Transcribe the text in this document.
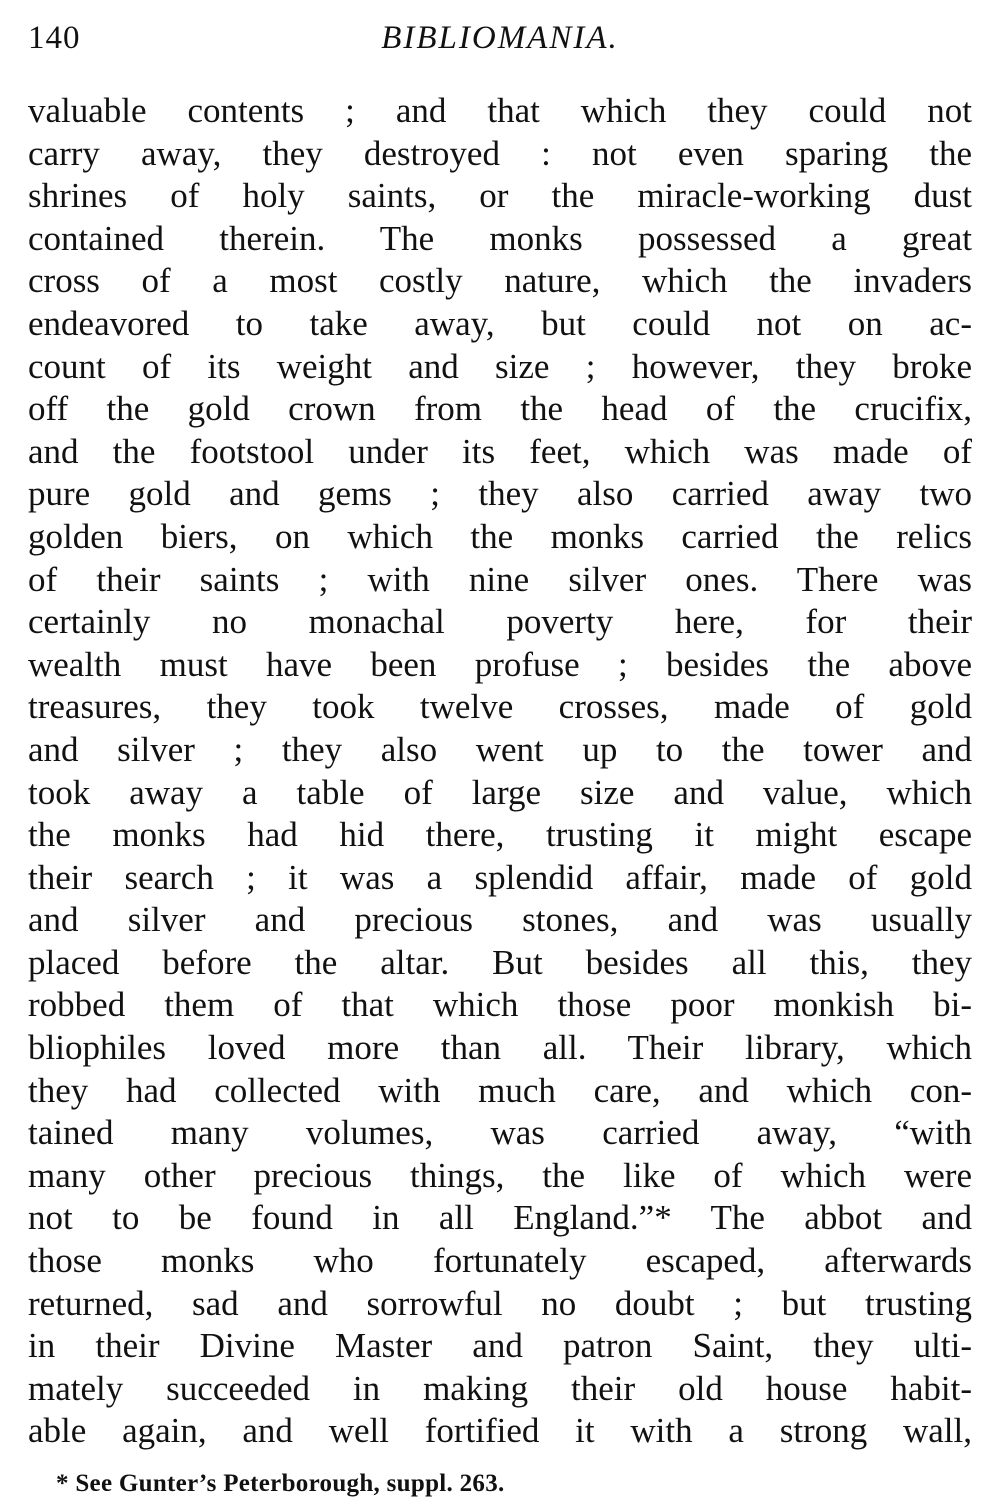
140	BIBLIOMANIA.
valuable contents ; and that which they could not
carry away, they destroyed : not even sparing the
shrines of holy saints, or the miracle-working dust
contained therein. The monks possessed a great
cross of a most costly nature, which the invaders
endeavored to take away, but could not on ac-
count of its weight and size ; however, they broke
off the gold crown from the head of the crucifix,
and the footstool under its feet, which was made of
pure gold and gems ; they also carried away two
golden biers, on which the monks carried the relics
of their saints ; with nine silver ones. There was
certainly no monachal poverty here, for their
wealth must have been profuse ; besides the above
treasures, they took twelve crosses, made of gold
and silver ; they also went up to the tower and
took away a table of large size and value, which
the monks had hid there, trusting it might escape
their search ; it was a splendid affair, made of gold
and silver and precious stones, and was usually
placed before the altar. But besides all this, they
robbed them of that which those poor monkish bi-
bliophiles loved more than all. Their library, which
they had collected with much care, and which con-
tained many volumes, was carried away, “with
many other precious things, the like of which were
not to be found in all England.”* The abbot and
those monks who fortunately escaped, afterwards
returned, sad and sorrowful no doubt ; but trusting
in their Divine Master and patron Saint, they ulti-
mately succeeded in making their old house habit-
able again, and well fortified it with a strong wall,
* See Gunter’s Peterborough, suppl. 263.
